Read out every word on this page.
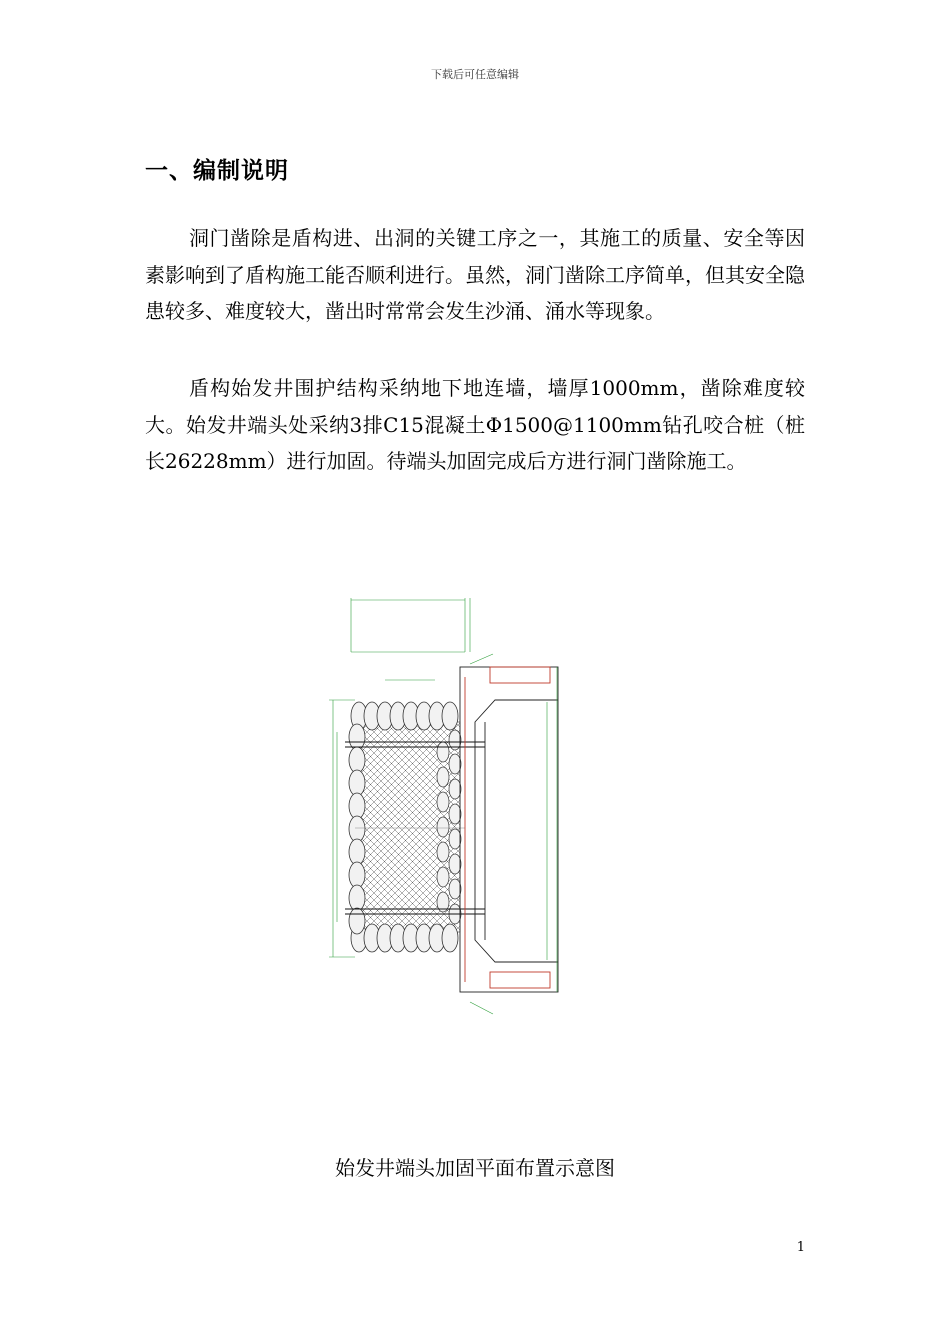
下载后可任意编辑
一、编制说明

洞门凿除是盾构进、出洞的关键工序之一，其施工的质量、安全等因素影响到了盾构施工能否顺利进行。虽然，洞门凿除工序简单，但其安全隐患较多、难度较大，凿出时常常会发生沙涌、涌水等现象。

盾构始发井围护结构采纳地下地连墙，墙厚1000mm，凿除难度较大。始发井端头处采纳3排C15混凝土Φ1500@1100mm钻孔咬合桩（桩长26228mm）进行加固。待端头加固完成后方进行洞门凿除施工。

始发井端头加固平面布置示意图
1
